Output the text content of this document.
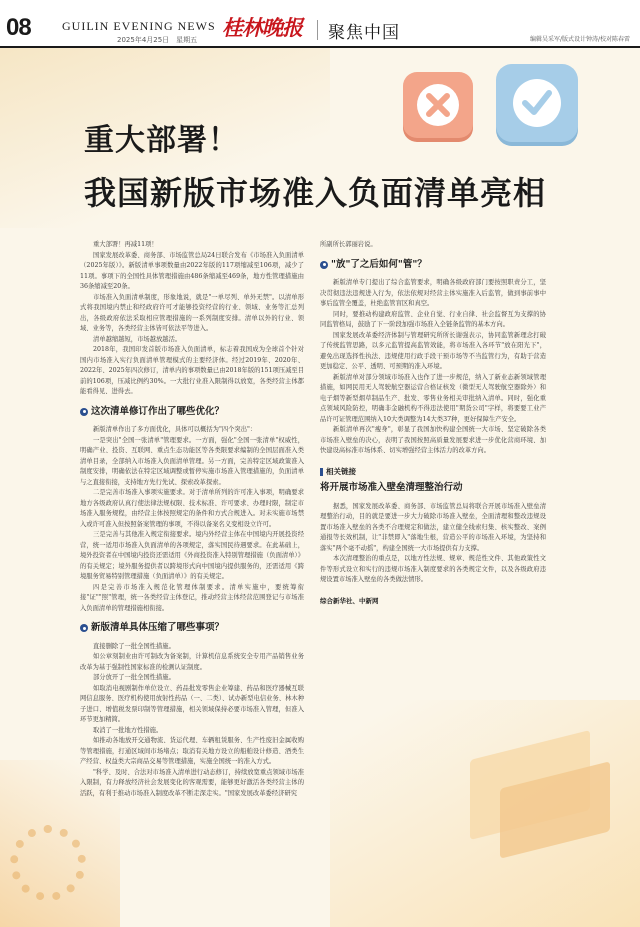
08	GUILIN EVENING NEWS
2025年4月25日　星期五 桂林晚报 聚焦中国	编辑吴采军/版式设计钟涛/校对陈春雷
重大部署！
我国新版市场准入负面清单亮相

重大部署！再减11项！

国家发展改革委、商务部、市场监管总局24日联合发布《市场准入负面清单（2025年版）》。新版清单事项数量由2022年版的117项缩减至106项，减少了11项。事项下的全国性具体管理措施由486条缩减至469条，地方性管理措施由36条缩减至20条。

市场准入负面清单制度，形象地说，就是"一单尽列、单外无禁"。以清单形式将我国境内禁止和经政府许可才能够投资经营的行业、领域、业务等汇总列出，各级政府依法采取相应管理措施的一系列制度安排。清单以外的行业、领域、业务等，各类经营主体皆可依法平等进入。

清单越缩越短，市场越放越活。

2018年，我国印发首版市场准入负面清单，标志着我国成为全球首个针对国内市场准入实行负面清单管理模式的主要经济体。经过2019年、2020年、2022年、2025年四次修订，清单内的事项数量已由2018年版的151项压减至目前的106项，压减比例约30%。一大批行业准入限制得以放宽，各类经营主体都能看得见、进得去。

这次清单修订作出了哪些优化？

新版清单作出了多方面优化，具体可以概括为"四个突出"：

一是突出"全国一张清单"管理要求。一方面，强化"全国一张清单"权威性，明确产业、投资、互联网、重点生态功能区等各类限要求编制的全国层面准入类清单目录，全部纳入市场准入负面清单管理。另一方面，完善特定区域政策准入制度安排，明确依法在特定区域调整或暂停实施市场准入管理措施的，负面清单与之直接衔接，支持地方先行先试、探索改革探索。

二是完善市场准入事项实施要求。对于清单所列的许可准入事项，明确要求地方各级政府认真行使法律法规权限、技术标准、许可要求、办理时限，制定市场准入服务规程，由经营主体按照规定的条件和方式合规进入。对未实施市场禁入或许可准入但按照备案管理的事项，不得以备案名义变相设立许可。

三是完善与其他准入规定衔接要求。境内外经营主体在中国境内开展投资经营，统一适用市场准入负面清单的各项规定，落实国民待遇要求。在此基础上，境外投资者在中国境内投资还需适用《外商投资准入特别管理措施（负面清单）》的有关规定；境外服务提供者以跨境形式向中国境内提供服务的，还需适用《跨境服务贸易特别管理措施（负面清单）》的有关规定。

四是完善市场准入规范化管理体制要求。清单实施中，要统筹衔接"证""照"管理，统一各类经营主体登记，推动经营主体经营范围登记与市场准入负面清单的管理措施相衔接。

新版清单具体压缩了哪些事项？

直接删除了一批全国性措施。

如公章刻制业由许可制改为备案制，计算机信息系统安全专用产品销售业务改革为基于强制性国家标准的检测认证制度。

部分放开了一批全国性措施。

如取消电视剧制作单位设立、药品批发零售企业筹建、药品和医疗器械互联网信息服务、医疗机构使用放射性药品（一、二类）、试办新型电信业务、林木种子进口、增值税发票印制等管理措施，相关领域保持必要市场准入管理，但准入环节更加精简。

取消了一批地方性措施。

如推动各地放开交通物流、货运代理、车辆租赁服务、生产性废旧金属收购等管理措施，打通区域间市场堵点；取消有关地方设立的船舶设计修造、酒类生产经营、权益类大宗商品交易等管理措施，实施全国统一的准入方式。

"科学、及时、合法对市场准入清单进行动态修订，持续放宽重点领域市场准入限制，有力释放经济社会发展变化的客观需要，能够更好激活各类经营主体的活跃，有利于推动市场准入制度改革不断走深走实。"国家发展改革委经济研究

所副所长郭丽岩说。

"放"了之后如何"管"？

新版清单专门提出了综合监管要求，明确各级政府部门要按照职责分工，坚决贯彻违法违规进入行为，依法依规对经营主体实施准入后监管，做到事前事中事后监管全覆盖，杜绝监管盲区和真空。

同时，要推动构建政府监管、企业自觉、行业自律、社会监督互为支撑的协同监管格局，鼓励了下一阶段加强市场准入全链条监管的基本方向。

国家发展改革委经济体制与管理研究所所长谢强表示，协同监管新理念打破了传统监管思路，以多元监管提高监管效能，将市场准入各环节"放在阳光下"，避免出现选择性执法、违规使用行政手段干预市场等不当监管行为，有助于营造更加稳定、公平、透明、可预期的准入环境。

新版清单对部分领域市场准入也作了进一步规范，纳入了新业态新领域管理措施，如网民用无人驾驶航空器运营合格证核发（微型无人驾驶航空器除外）和电子烟等新型烟草制品生产、批发、零售业务相关审批纳入清单。同时，强化重点领域风险防控，明确非金融机构不得违法使用"期货公司"字样，将要要工业产品许可证管理范围纳入10大类调整为14大类37种，更好保障生产安全。

新版清单再次"瘦身"，彰显了我国加快构建全国统一大市场、坚定破除各类市场准入壁垒的决心，表明了我国按照高质量发展要求进一步优化营商环境、加快建设高标准市场体系、切实增强经营主体活力的改革方向。

相关链接
将开展市场准入壁垒清理整治行动

据悉，国家发展改革委、商务部、市场监管总局将联合开展市场准入壁垒清理整治行动，目的就是要进一步大力破除市场准入壁垒，全面清理和整改违规设置市场准入壁垒的各类不合理规定和做法，建立健全线索归集、核实整改、案例通报等长效机制，让"非禁即入"落地生根，营造公平的市场准入环境，为坚持和落实"两个毫不动摇"，构建全国统一大市场提供有力支撑。

本次清理整治的重点是，以地方性法规、规章、规范性文件、其他政策性文件等形式设立和实行的违规市场准入制度要求的各类规定文件，以及各级政府违规设置市场准入壁垒的各类做法情形。

综合新华社、中新网
